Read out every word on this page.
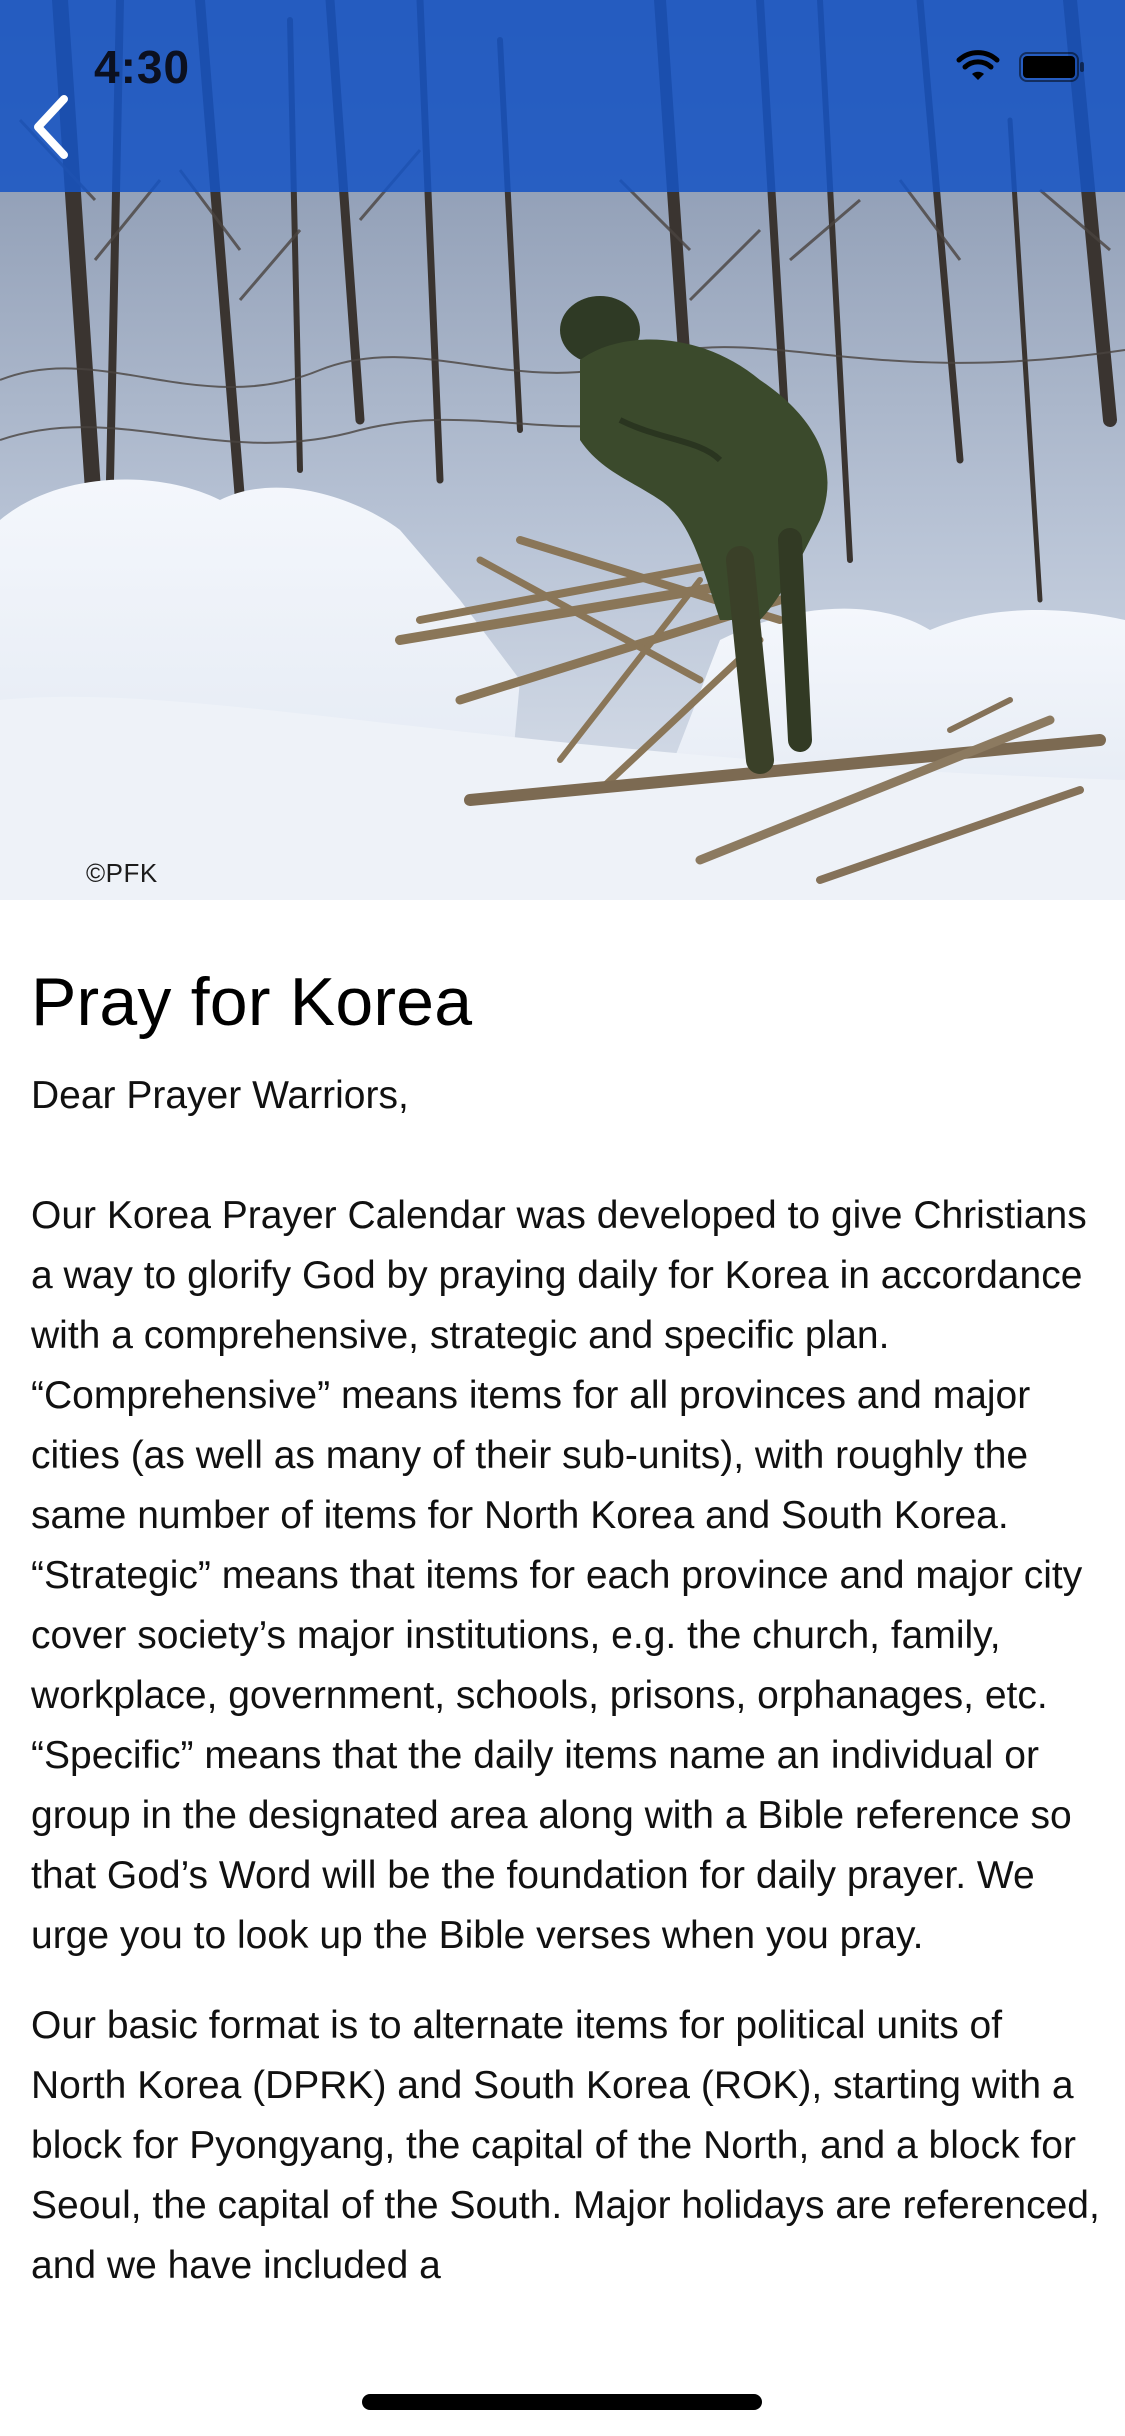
©PFK
4:30
Pray for Korea

Dear Prayer Warriors,

Our Korea Prayer Calendar was developed to give Christians a way to glorify God by praying daily for Korea in accordance with a comprehensive, strategic and specific plan. “Comprehensive” means items for all provinces and major cities (as well as many of their sub-units), with roughly the same number of items for North Korea and South Korea. “Strategic” means that items for each province and major city cover society’s major institutions, e.g. the church, family, workplace, government, schools, prisons, orphanages, etc. “Specific” means that the daily items name an individual or group in the designated area along with a Bible reference so that God’s Word will be the foundation for daily prayer. We urge you to look up the Bible verses when you pray.

Our basic format is to alternate items for political units of North Korea (DPRK) and South Korea (ROK), starting with a block for Pyongyang, the capital of the North, and a block for Seoul, the capital of the South. Major holidays are referenced, and we have included a
